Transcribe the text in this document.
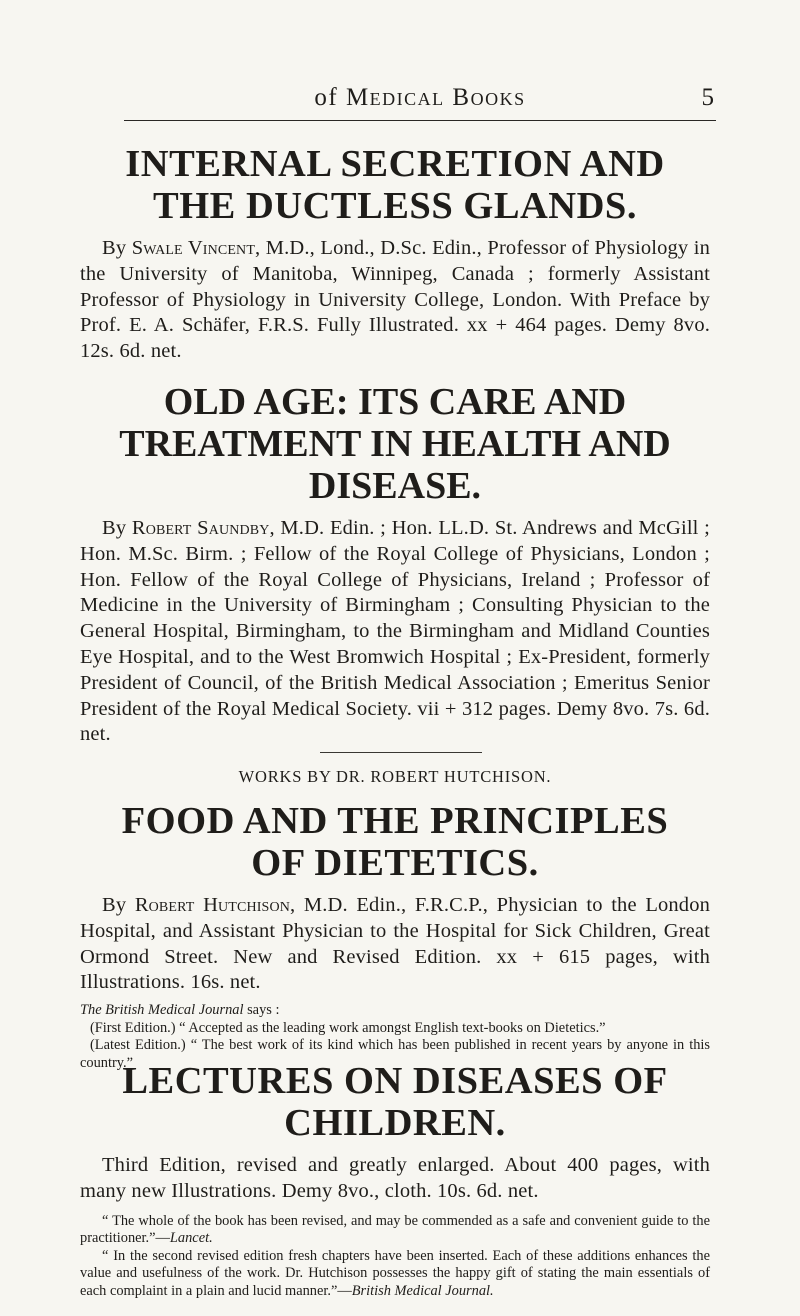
of Medical Books	5
INTERNAL SECRETION AND THE DUCTLESS GLANDS.

By Swale Vincent, M.D., Lond., D.Sc. Edin., Professor of Physiology in the University of Manitoba, Winnipeg, Canada ; formerly Assistant Professor of Physiology in University College, London. With Preface by Prof. E. A. Schäfer, F.R.S. Fully Illustrated. xx + 464 pages. Demy 8vo. 12s. 6d. net.

OLD AGE: ITS CARE AND TREATMENT IN HEALTH AND DISEASE.

By Robert Saundby, M.D. Edin. ; Hon. LL.D. St. Andrews and McGill ; Hon. M.Sc. Birm. ; Fellow of the Royal College of Physicians, London ; Hon. Fellow of the Royal College of Physicians, Ireland ; Professor of Medicine in the University of Birmingham ; Consulting Physician to the General Hospital, Birmingham, to the Birmingham and Midland Counties Eye Hospital, and to the West Bromwich Hospital ; Ex-President, formerly President of Council, of the British Medical Association ; Emeritus Senior President of the Royal Medical Society. vii + 312 pages. Demy 8vo. 7s. 6d. net.

WORKS BY DR. ROBERT HUTCHISON.

FOOD AND THE PRINCIPLES OF DIETETICS.

By Robert Hutchison, M.D. Edin., F.R.C.P., Physician to the London Hospital, and Assistant Physician to the Hospital for Sick Children, Great Ormond Street. New and Revised Edition. xx + 615 pages, with Illustrations. 16s. net.

The British Medical Journal says :

(First Edition.) “ Accepted as the leading work amongst English text-books on Dietetics.”

(Latest Edition.) “ The best work of its kind which has been published in recent years by anyone in this country.”

LECTURES ON DISEASES OF CHILDREN.

Third Edition, revised and greatly enlarged. About 400 pages, with many new Illustrations. Demy 8vo., cloth. 10s. 6d. net.

“ The whole of the book has been revised, and may be commended as a safe and convenient guide to the practitioner.”—Lancet.

“ In the second revised edition fresh chapters have been inserted. Each of these additions enhances the value and usefulness of the work. Dr. Hutchison possesses the happy gift of stating the main essentials of each complaint in a plain and lucid manner.”—British Medical Journal.
